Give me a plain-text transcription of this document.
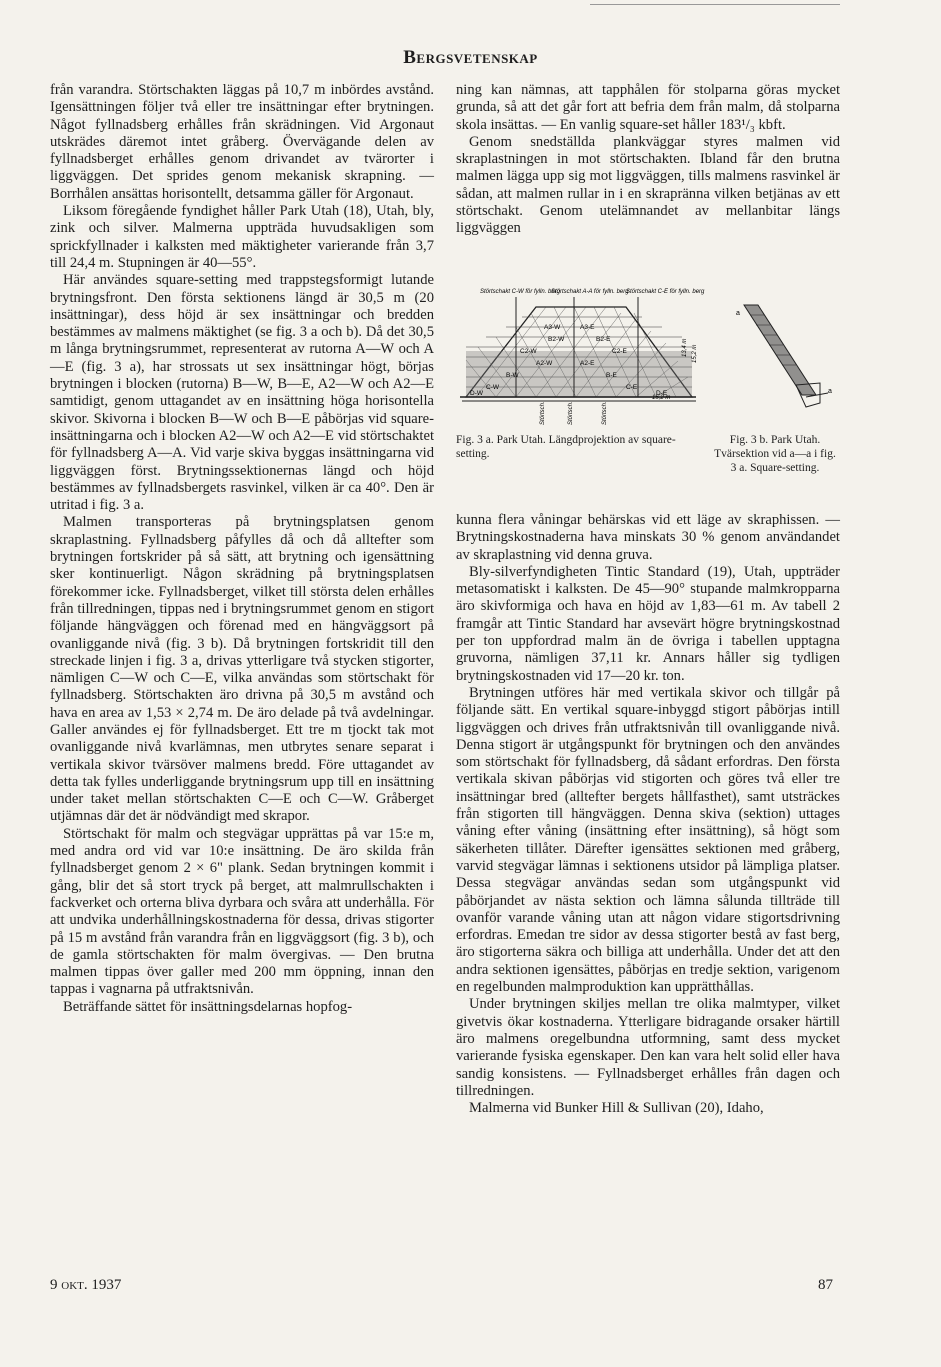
Bergsvetenskap

från varandra. Störtschakten läggas på 10,7 m inbördes avstånd. Igensättningen följer två eller tre insättningar efter brytningen. Något fyllnadsberg erhålles från skrädningen. Vid Argonaut utskrädes däremot intet gråberg. Övervägande delen av fyllnadsberget erhålles genom drivandet av tvärorter i liggväggen. Det sprides genom mekanisk skrapning. — Borrhålen ansättas horisontellt, detsamma gäller för Argonaut.

Liksom föregående fyndighet håller Park Utah (18), Utah, bly, zink och silver. Malmerna uppträda huvudsakligen som sprickfyllnader i kalksten med mäktigheter varierande från 3,7 till 24,4 m. Stupningen är 40—55°.

Här användes square-setting med trappstegsformigt lutande brytningsfront. Den första sektionens längd är 30,5 m (20 insättningar), dess höjd är sex insättningar och bredden bestämmes av malmens mäktighet (se fig. 3 a och b). Då det 30,5 m långa brytningsrummet, representerat av rutorna A—W och A—E (fig. 3 a), har strossats ut sex insättningar högt, börjas brytningen i blocken (rutorna) B—W, B—E, A2—W och A2—E samtidigt, genom uttagandet av en insättning höga horisontella skivor. Skivorna i blocken B—W och B—E påbörjas vid square-insättningarna och i blocken A2—W och A2—E vid störtschaktet för fyllnadsberg A—A. Vid varje skiva byggas insättningarna vid liggväggen först. Brytningssektionernas längd och höjd bestämmes av fyllnadsbergets rasvinkel, vilken är ca 40°. Den är utritad i fig. 3 a.

Malmen transporteras på brytningsplatsen genom skraplastning. Fyllnadsberg påfylles då och då alltefter som brytningen fortskrider på så sätt, att brytning och igensättning sker kontinuerligt. Någon skrädning på brytningsplatsen förekommer icke. Fyllnadsberget, vilket till största delen erhålles från tillredningen, tippas ned i brytningsrummet genom en stigort följande hängväggen och förenad med en hängväggsort på ovanliggande nivå (fig. 3 b). Då brytningen fortskridit till den streckade linjen i fig. 3 a, drivas ytterligare två stycken stigorter, nämligen C—W och C—E, vilka användas som störtschakt för fyllnadsberg. Störtschakten äro drivna på 30,5 m avstånd och hava en area av 1,53 × 2,74 m. De äro delade på två avdelningar. Galler användes ej för fyllnadsberget. Ett tre m tjockt tak mot ovanliggande nivå kvarlämnas, men utbrytes senare separat i vertikala skivor tvärsöver malmens bredd. Före uttagandet av detta tak fylles underliggande brytningsrum upp till en insättning under taket mellan störtschakten C—E och C—W. Gråberget utjämnas där det är nödvändigt med skrapor.

Störtschakt för malm och stegvägar upprättas på var 15:e m, med andra ord vid var 10:e insättning. De äro skilda från fyllnadsberget genom 2 × 6" plank. Sedan brytningen kommit i gång, blir det så stort tryck på berget, att malmrullschakten i fackverket och orterna bliva dyrbara och svåra att underhålla. För att undvika underhållningskostnaderna för dessa, drivas stigorter på 15 m avstånd från varandra från en liggväggsort (fig. 3 b), och de gamla störtschakten för malm övergivas. — Den brutna malmen tippas över galler med 200 mm öppning, innan den tappas i vagnarna på utfraktsnivån.

Beträffande sättet för insättningsdelarnas hopfog-

ning kan nämnas, att tapphålen för stolparna göras mycket grunda, så att det går fort att befria dem från malm, då stolparna skola insättas. — En vanlig square-set håller 183¹/₃ kbft.

Genom snedställda plankväggar styres malmen vid skraplastningen in mot störtschakten. Ibland får den brutna malmen lägga upp sig mot liggväggen, tills malmens rasvinkel är sådan, att malmen rullar in i en skrapränna vilken betjänas av ett störtschakt. Genom utelämnandet av mellanbitar längs liggväggen

Störtschakt C-W för fylln. berg
Störtschakt A-A för fylln. berg
Störtschakt C-E för fylln. berg
A3-W	A3-E
B2-W	B2-E
C2-W	C2-E
A2-W	A2-E
B-W	B-E
C-W	C-E
D-W	D-E
Störtsch.	Störtsch.	Störtsch.
15,2 m
13,4 m 15,2 m
a
a
Fig. 3 a. Park Utah. Längdprojektion av square-setting.
Fig. 3 b. Park Utah. Tvärsektion vid a—a i fig. 3 a. Square-setting.

kunna flera våningar behärskas vid ett läge av skraphissen. — Brytningskostnaderna hava minskats 30 % genom användandet av skraplastning vid denna gruva.

Bly-silverfyndigheten Tintic Standard (19), Utah, uppträder metasomatiskt i kalksten. De 45—90° stupande malmkropparna äro skivformiga och hava en höjd av 1,83—61 m. Av tabell 2 framgår att Tintic Standard har avsevärt högre brytningskostnad per ton uppfordrad malm än de övriga i tabellen upptagna gruvorna, nämligen 37,11 kr. Annars håller sig tydligen brytningskostnaden vid 17—20 kr. ton.

Brytningen utföres här med vertikala skivor och tillgår på följande sätt. En vertikal square-inbyggd stigort påbörjas intill liggväggen och drives från utfraktsnivån till ovanliggande nivå. Denna stigort är utgångspunkt för brytningen och den användes som störtschakt för fyllnadsberg, då sådant erfordras. Den första vertikala skivan påbörjas vid stigorten och göres två eller tre insättningar bred (alltefter bergets hållfasthet), samt utsträckes från stigorten till hängväggen. Denna skiva (sektion) uttages våning efter våning (insättning efter insättning), så högt som säkerheten tillåter. Därefter igensättes sektionen med gråberg, varvid stegvägar lämnas i sektionens utsidor på lämpliga platser. Dessa stegvägar användas sedan som utgångspunkt vid påbörjandet av nästa sektion och lämna sålunda tillträde till ovanför varande våning utan att någon vidare stigortsdrivning erfordras. Emedan tre sidor av dessa stigorter bestå av fast berg, äro stigorterna säkra och billiga att underhålla. Under det att den andra sektionen igensättes, påbörjas en tredje sektion, varigenom en regelbunden malmproduktion kan upprätthållas.

Under brytningen skiljes mellan tre olika malmtyper, vilket givetvis ökar kostnaderna. Ytterligare bidragande orsaker härtill äro malmens oregelbundna utformning, samt dess mycket varierande fysiska egenskaper. Den kan vara helt solid eller hava sandig konsistens. — Fyllnadsberget erhålles från dagen och tillredningen.

Malmerna vid Bunker Hill & Sullivan (20), Idaho,

9 okt. 1937	87
